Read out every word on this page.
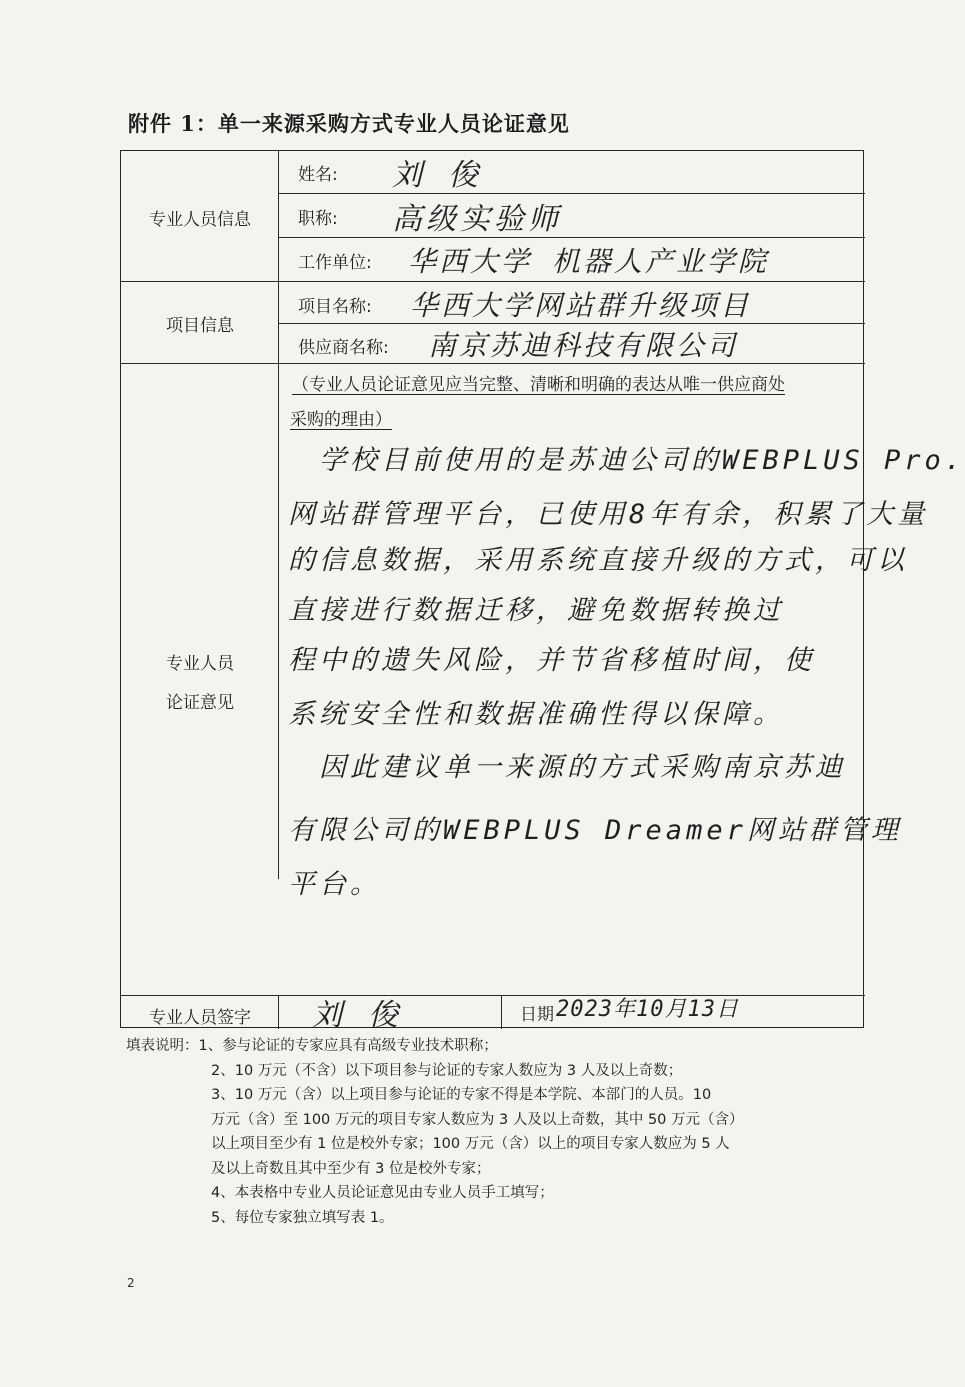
附件 1：单一来源采购方式专业人员论证意见
专业人员信息
项目信息
专业人员
论证意见
专业人员签字
姓名: 刘 俊
职称: 高级实验师
工作单位: 华西大学 机器人产业学院
项目名称: 华西大学网站群升级项目
供应商名称: 南京苏迪科技有限公司
（专业人员论证意见应当完整、清晰和明确的表达从唯一供应商处
采购的理由）
　学校目前使用的是苏迪公司的WEBPLUS Pro.
网站群管理平台，已使用8年有余，积累了大量
的信息数据，采用系统直接升级的方式，可以
直接进行数据迁移，避免数据转换过
程中的遗失风险，并节省移植时间，使
系统安全性和数据准确性得以保障。
　因此建议单一来源的方式采购南京苏迪
有限公司的WEBPLUS Dreamer网站群管理
平台。
刘 俊	日期 2023年10月13日
填表说明：1、参与论证的专家应具有高级专业技术职称；
2、10 万元（不含）以下项目参与论证的专家人数应为 3 人及以上奇数；
3、10 万元（含）以上项目参与论证的专家不得是本学院、本部门的人员。10
万元（含）至 100 万元的项目专家人数应为 3 人及以上奇数，其中 50 万元（含）
以上项目至少有 1 位是校外专家；100 万元（含）以上的项目专家人数应为 5 人
及以上奇数且其中至少有 3 位是校外专家；
4、本表格中专业人员论证意见由专业人员手工填写；
5、每位专家独立填写表 1。
2
